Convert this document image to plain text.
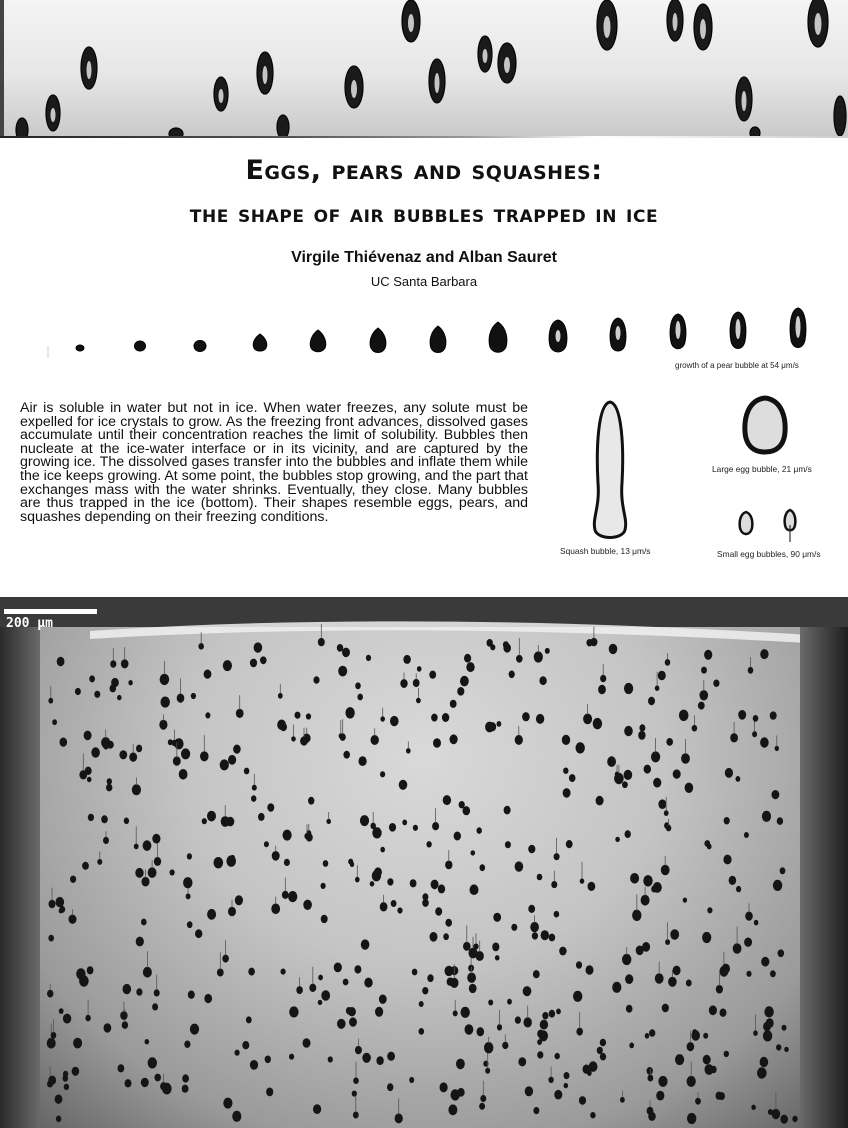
Eggs, pears and squashes:
the shape of air bubbles trapped in ice
Virgile Thiévenaz and Alban Sauret
UC Santa Barbara
growth of a pear bubble at 54 μm/s

Air is soluble in water but not in ice. When water freezes, any solute must be expelled for ice crystals to grow. As the freezing front advances, dissolved gases accumulate until their concentration reaches the limit of solubility. Bubbles then nucleate at the ice-water interface or in its vicinity, and are captured by the growing ice. The dissolved gases transfer into the bubbles and inflate them while the ice keeps growing. At some point, the bubbles stop growing, and the part that exchanges mass with the water shrinks. Eventually, they close. Many bubbles are thus trapped in the ice (bottom). Their shapes resemble eggs, pears, and squashes depending on their freezing conditions.

Squash bubble, 13 μm/s
Large egg bubble, 21 μm/s
Small egg bubbles, 90 μm/s
200 μm
